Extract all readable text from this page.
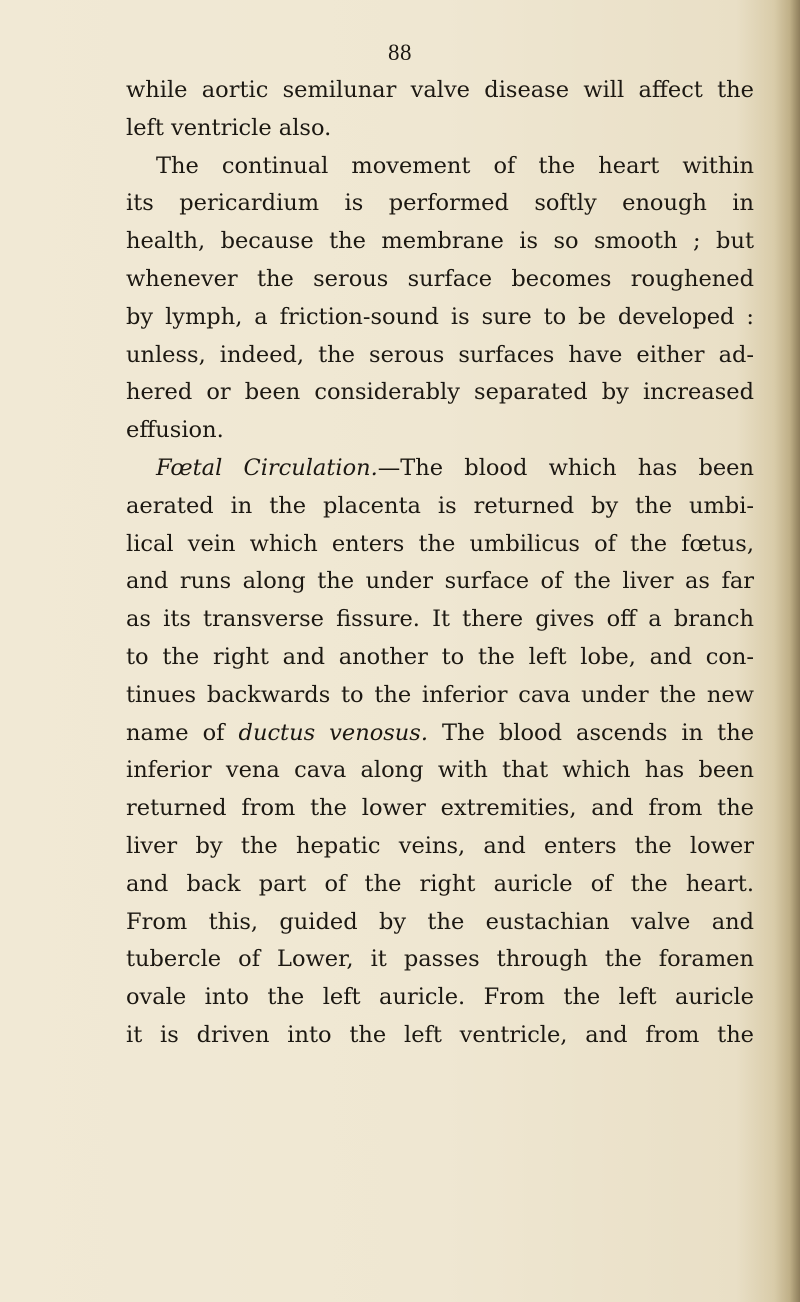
88
while aortic semilunar valve disease will affect the
left ventricle also.
The continual movement of the heart within
its pericardium is performed softly enough in
health, because the membrane is so smooth ; but
whenever the serous surface becomes roughened
by lymph, a friction-sound is sure to be developed :
unless, indeed, the serous surfaces have either ad-
hered or been considerably separated by increased
effusion.
Fœtal Circulation.—The blood which has been
aerated in the placenta is returned by the umbi-
lical vein which enters the umbilicus of the fœtus,
and runs along the under surface of the liver as far
as its transverse fissure. It there gives off a branch
to the right and another to the left lobe, and con-
tinues backwards to the inferior cava under the new
name of ductus venosus. The blood ascends in the
inferior vena cava along with that which has been
returned from the lower extremities, and from the
liver by the hepatic veins, and enters the lower
and back part of the right auricle of the heart.
From this, guided by the eustachian valve and
tubercle of Lower, it passes through the foramen
ovale into the left auricle. From the left auricle
it is driven into the left ventricle, and from the
